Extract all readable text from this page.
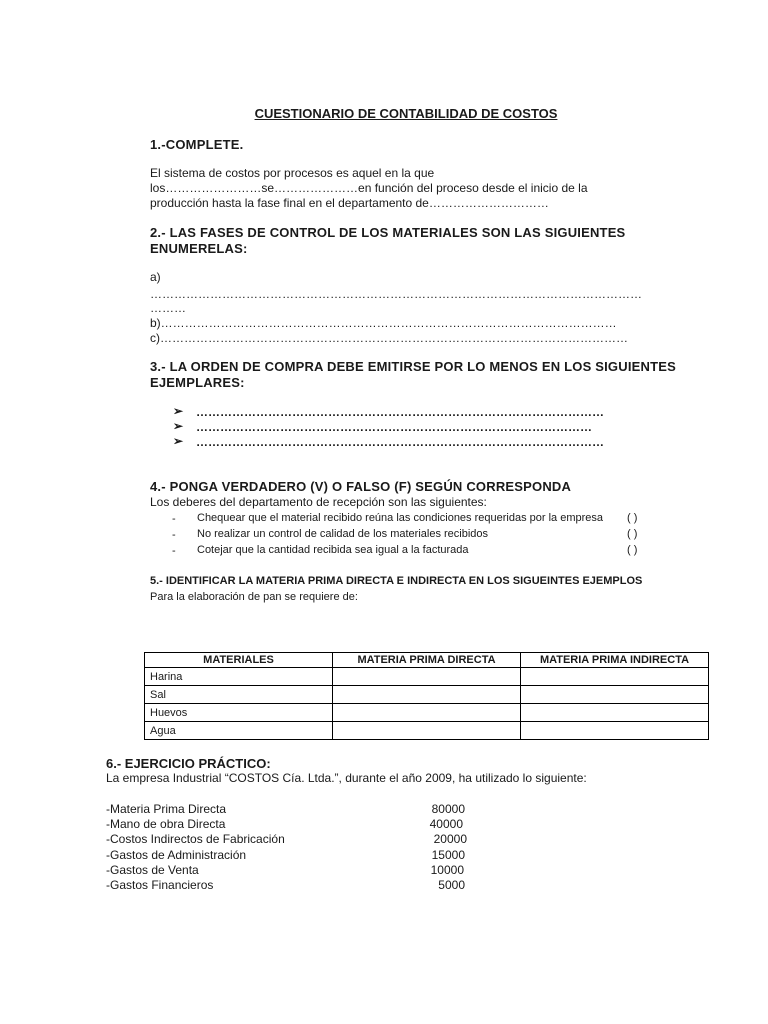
CUESTIONARIO DE CONTABILIDAD DE COSTOS
1.-COMPLETE.
El sistema de costos por procesos es aquel en la que
los……………………se…………………en función del proceso desde el inicio de la
producción hasta la fase final en el departamento de…………………………
2.- LAS FASES DE CONTROL DE LOS MATERIALES SON LAS SIGUIENTES
ENUMERELAS:
a)
……………………………………………………………………………………………………………
………
b)……………………………………………………………………………………………………
c)………………………………………………………………………………………………………
3.- LA ORDEN DE COMPRA DEBE EMITIRSE POR LO MENOS EN LOS SIGUIENTES
EJEMPLARES:
➢ …………………………………………………………………………………………
➢ ………………………………………………………………………………………
➢ …………………………………………………………………………………………
4.- PONGA VERDADERO (V) O FALSO (F) SEGÚN CORRESPONDA
Los deberes del departamento de recepción son las siguientes:
- Chequear que el material recibido reúna las condiciones requeridas por la empresa ( )
- No realizar un control de calidad de los materiales recibidos	( )
- Cotejar que la cantidad recibida sea igual a la facturada	( )
5.- IDENTIFICAR LA MATERIA PRIMA DIRECTA E INDIRECTA EN LOS SIGUEINTES EJEMPLOS
Para la elaboración de pan se requiere de:
MATERIALES	MATERIA PRIMA DIRECTA	MATERIA PRIMA INDIRECTA
Harina		
Sal		
Huevos		
Agua		
6.- EJERCICIO PRÁCTICO:
La empresa Industrial “COSTOS Cía. Ltda.”, durante el año 2009, ha utilizado lo siguiente:
-Materia Prima Directa	80000
-Mano de obra Directa	40000
-Costos Indirectos de Fabricación	20000
-Gastos de Administración	15000
-Gastos de Venta	10000
-Gastos Financieros	5000
